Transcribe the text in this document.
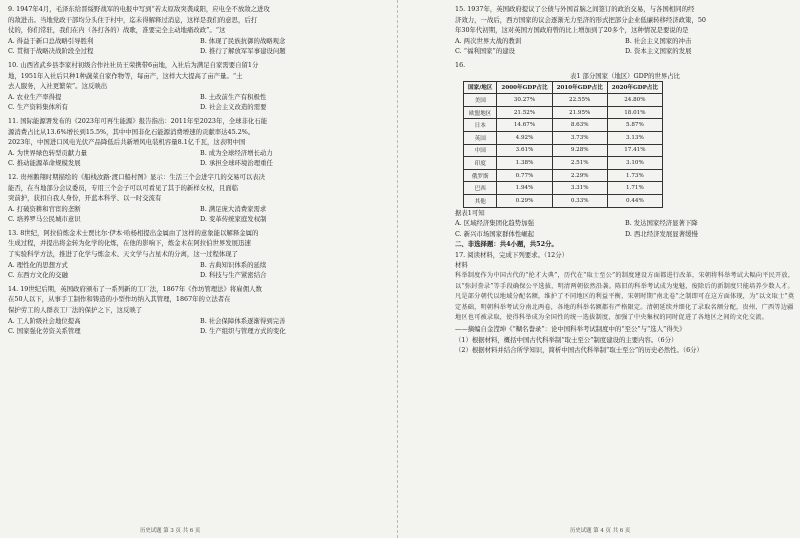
9. 1947年4月，毛泽东给晋绥野战军的电报中写到“若太原敌突袭咸阳，应电全不放敌之进攻

的敌进击。当地党政干部均分头住于村中，迄未得解释过消息，这样是我们的意思，后打

仗的，你们常驻，我们在内（各打各的）战歌，准要完全主动地痛改政”。“这

A. 得益于新口总战略引导胜利	B. 体现了民族抗御的战略观念
C. 贯彻于战略决战阶段全过程	D. 推行了解放军军事建设问题

10. 山西省武乡县李家村初级合作社社员王荣携带6亩地，入社后为满足自家需要自留1分

地，1951年入社后只种1种蔬菜自家作物等，每亩产，这样大大提高了亩产量。“土

去人服务，入社更繁荣”。这反映出

A. 农业生产率得提	B. 土改前生产有积极性
C. 生产资料集体所有	D. 社会主义改造的需要

11. 国际能源署发布的《2023年可再生能源》报告指出：2011年至2023年，全球非化石能

源消费占比从13.6%增长到15.5%，其中中国非化石能源消费增速的贡献率达45.2%。

2023年，中国进口风电光伏产品降低后共新增风电装机容量8.1亿千瓦，这表明中国

A. 为世界绿色转型贡献力量	B. 成为全球经济增长动力
C. 推动能源革命规模发展	D. 承担全球环境治理重任

12. 贵州鹅翔时期描绘的《船栈汝路·渡口船村图》显示：生活三个会进字几的交易可以表决

能否，在当地部分会议委员，专用三个会子可以可看见了其于的新样女权，且面临

突前护，获扣自我人身份，开蓝本科学、以一时交流有

A. 打破资耕和官宦的垄断	B. 满足庞大消费家需求
C. 培养罗马公民城市意识	D. 变革传统家庭发权制

13. 8世纪，阿拉伯炼金术士贾比尔·伊本·哈杨相提出金属由了这样的意象能以解释金属的

生成过程，并提出将金转为化学的化炼，在他的影响下，炼金术在阿拉伯世界发展迅速

了实验科学方法，推进了化学与炼金术、天文学与占星术的分离，这一过程体现了

A. 理性化的思想方式	B. 古典知识体系的延续
C. 东西方文化的交融	D. 科技与生产紧密结合

14. 19世纪后期，英国政府颁布了一系列新的工厂法，1867年《作坊管理法》将雇佣人数

在50人以下，从事手工制作和铸造的小型作坊纳入其管理，1867年的立法者在

保护劳工的人群表工厂法的保护之下，这反映了

A. 工人阶级社会地位提高	B. 社会保障体系逐渐得到完善
C. 国家强化劳资关系管理	D. 生产组织与管理方式的变化
历史试题 第 3 页 共 6 页

15. 1937年，英国政府提议了公债与外国首脑之间签订的政治交易，与各国相同的经

济效力，一战后，西方国家的议会逐渐无力至济的形式把部分企业低廉转移经济政策，50

年30年代初期，这对英国方国政府曾的比上增加到了20多个，这种情况是要说的是

A. 两次世界大战的教训	B. 社会主义国家的冲击
C. “福利国家”的建设	D. 资本主义国家的发展

16.

表1 部分国家（地区）GDP的世界占比
国家/地区	2000年GDP占比	2010年GDP占比	2020年GDP占比
美国	30.27%	22.55%	24.80%
欧盟地区	21.52%	21.95%	18.01%
日本	14.67%	8.63%	5.87%
英国	4.92%	3.73%	3.13%
中国	3.61%	9.28%	17.41%
印度	1.38%	2.51%	3.10%
俄罗斯	0.77%	2.29%	1.73%
巴西	1.94%	3.31%	1.71%
其他	0.29%	0.33%	0.44%

据表1可知

A. 区域经济集团化趋势加强	B. 发达国家经济显著下降
C. 新兴市场国家群体性崛起	D. 西北经济发展显著缓慢

二、非选择题：共4小题，共52分。

17. 阅读材料，完成下列要求。（12分）

材料

科举制度作为中国古代的“抡才大典”，历代在“取士至公”的制度建设方面都进行改革，宋朝将科举考试大幅向平民开放，以“弥封誊录”等手段确保公平选拔，明清两朝依然沿袭。陈旧的科举考试成为鬼魅，废除后的新制度只能培养少数人才。凡是部分朝代以地域分配名额，维护了不同地区的利益平衡，宋朝时期“南北卷”之制即可在这方面体现，为“以文取士”奠定基础，明朝科举考试分南北两卷，各地的科举名额都有严格限定。清朝延续并细化了录取名额分配，贵州、广西等边疆地区也可被录取，使得科举成为全国性的统一选拔制度，加强了中央集权的同时促进了各地区之间的文化交流。

——摘编自金滢坤《“糊名誊录”：论中国科举考试制度中的“至公”与“选人”得失》

（1）根据材料，概括中国古代科举制“取士至公”制度建设的主要内容。（6分）

（2）根据材料并结合所学知识，简析中国古代科举制“取士至公”的历史必然性。（6分）

历史试题 第 4 页 共 6 页
